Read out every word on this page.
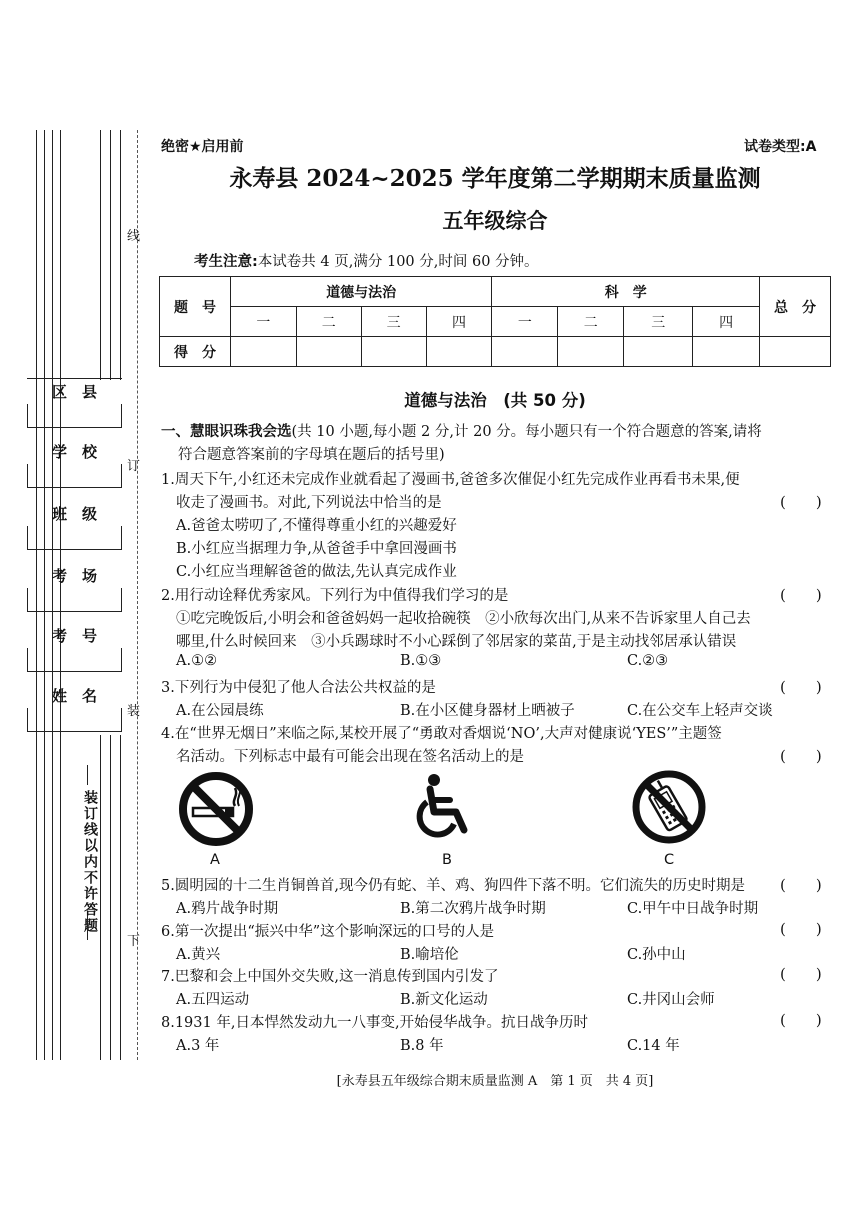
区　县
学　校
班　级
考　场
考　号
姓　名
线
订
装
下
装订线以内不许答题
绝密★启用前	试卷类型:A
永寿县 2024~2025 学年度第二学期期末质量监测
五年级综合
考生注意:本试卷共 4 页,满分 100 分,时间 60 分钟。
题　号	道德与法治				科　学				总　分
	一	二	三	四	一	二	三	四	
得　分									
道德与法治　(共 50 分)
一、慧眼识珠我会选(共 10 小题,每小题 2 分,计 20 分。每小题只有一个符合题意的答案,请将
符合题意答案前的字母填在题后的括号里)
1.周天下午,小红还未完成作业就看起了漫画书,爸爸多次催促小红先完成作业再看书未果,便
收走了漫画书。对此,下列说法中恰当的是	(　　)
A.爸爸太唠叨了,不懂得尊重小红的兴趣爱好
B.小红应当据理力争,从爸爸手中拿回漫画书
C.小红应当理解爸爸的做法,先认真完成作业
2.用行动诠释优秀家风。下列行为中值得我们学习的是	(　　)
①吃完晚饭后,小明会和爸爸妈妈一起收拾碗筷　②小欣每次出门,从来不告诉家里人自己去
哪里,什么时候回来　③小兵踢球时不小心踩倒了邻居家的菜苗,于是主动找邻居承认错误
A.①②	B.①③	C.②③
3.下列行为中侵犯了他人合法公共权益的是	(　　)
A.在公园晨练	B.在小区健身器材上晒被子	C.在公交车上轻声交谈
4.在“世界无烟日”来临之际,某校开展了“勇敢对香烟说‘NO’,大声对健康说‘YES’”主题签
名活动。下列标志中最有可能会出现在签名活动上的是	(　　)
A	B	C
5.圆明园的十二生肖铜兽首,现今仍有蛇、羊、鸡、狗四件下落不明。它们流失的历史时期是 (　　)
A.鸦片战争时期	B.第二次鸦片战争时期	C.甲午中日战争时期
6.第一次提出“振兴中华”这个影响深远的口号的人是	(　　)
A.黄兴	B.喻培伦	C.孙中山
7.巴黎和会上中国外交失败,这一消息传到国内引发了	(　　)
A.五四运动	B.新文化运动	C.井冈山会师
8.1931 年,日本悍然发动九一八事变,开始侵华战争。抗日战争历时	(　　)
A.3 年	B.8 年	C.14 年
[永寿县五年级综合期末质量监测 A　第 1 页　共 4 页]
